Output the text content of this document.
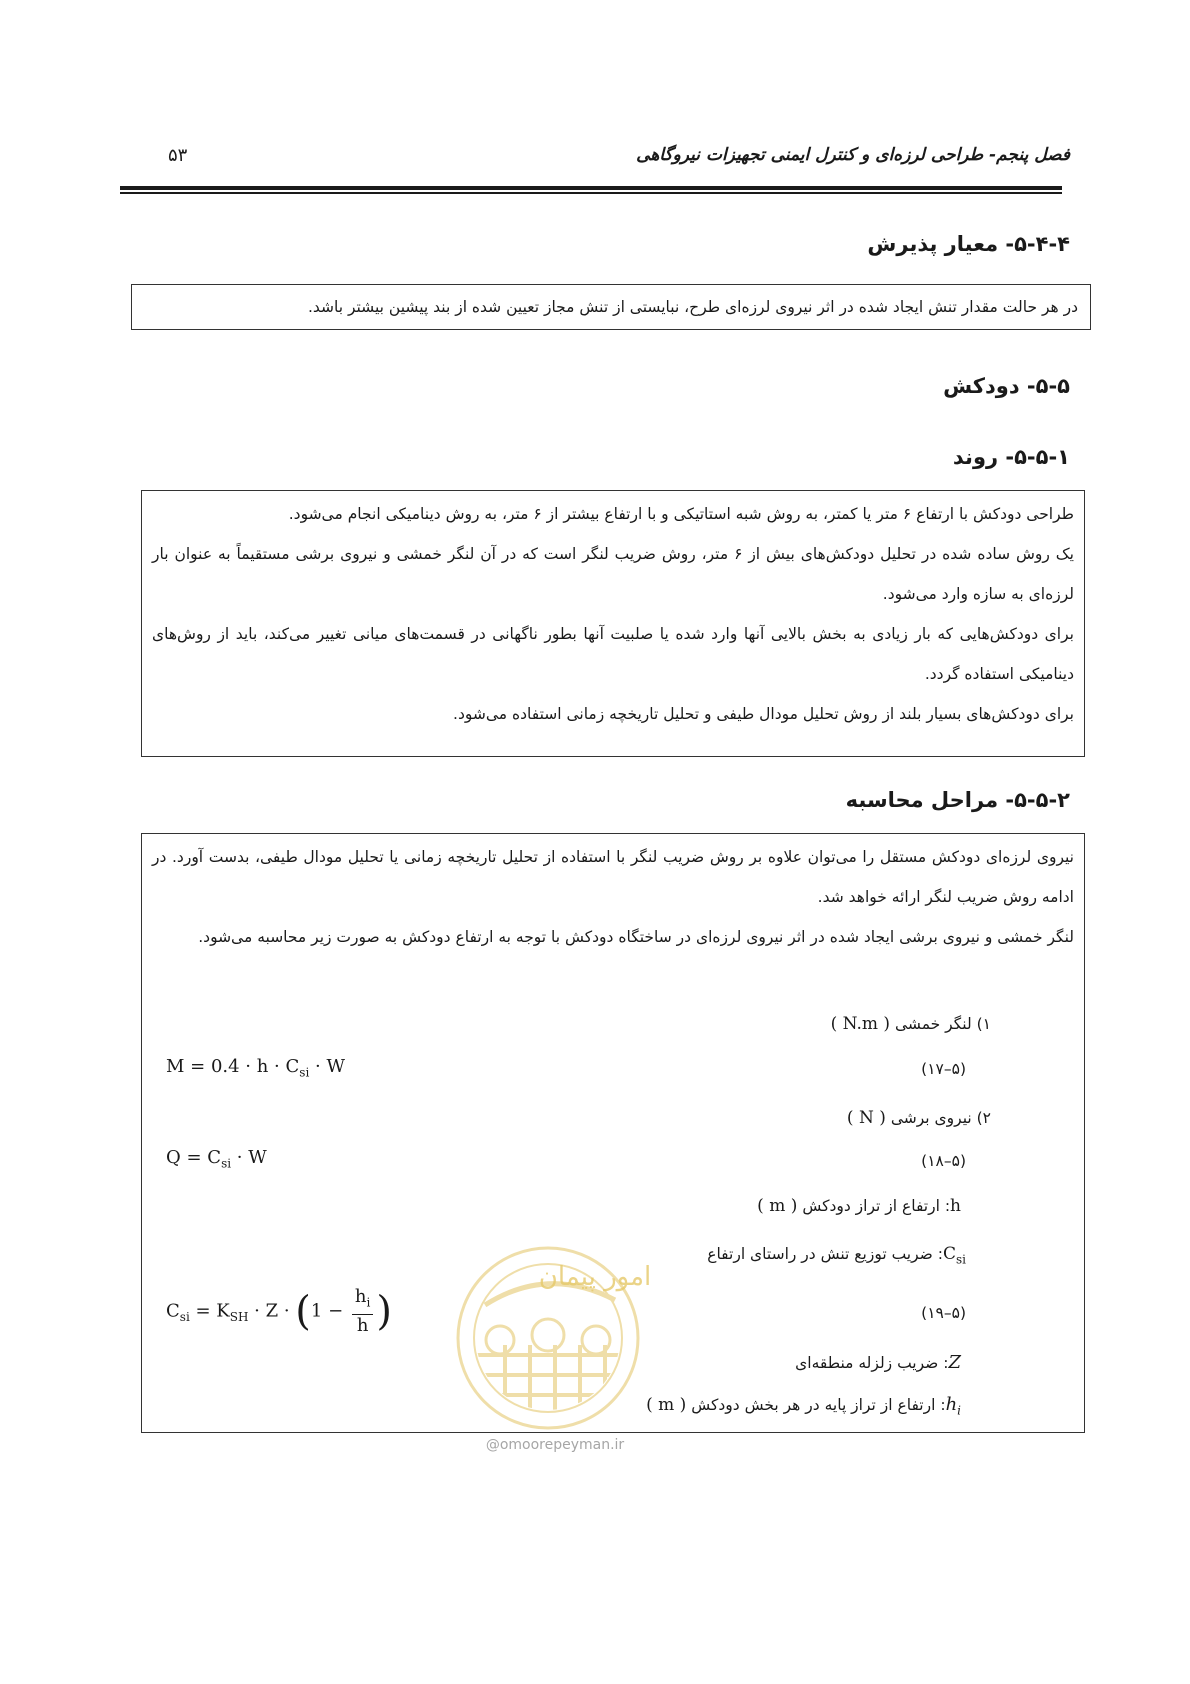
فصل پنجم- طراحی لرزه‌ای و کنترل ایمنی تجهیزات نیروگاهی
۵۳
۵-۴-۴- معیار پذیرش
در هر حالت مقدار تنش ایجاد شده در اثر نیروی لرزه‌ای طرح، نبایستی از تنش مجاز تعیین شده از بند پیشین بیشتر باشد.
۵-۵- دودکش
۵-۵-۱- روند
طراحی دودکش با ارتفاع ۶ متر یا کمتر، به روش شبه استاتیکی و با ارتفاع بیشتر از ۶ متر، به روش دینامیکی انجام می‌شود.
یک روش ساده شده در تحلیل دودکش‌های بیش از ۶ متر، روش ضریب لنگر است که در آن لنگر خمشی و نیروی برشی مستقیماً به عنوان بار لرزه‌ای به سازه وارد می‌شود.
برای دودکش‌هایی که بار زیادی به بخش بالایی آنها وارد شده یا صلبیت آنها بطور ناگهانی در قسمت‌های میانی تغییر می‌کند، باید از روش‌های دینامیکی استفاده گردد.
برای دودکش‌های بسیار بلند از روش تحلیل مودال طیفی و تحلیل تاریخچه زمانی استفاده می‌شود.
۵-۵-۲- مراحل محاسبه
نیروی لرزه‌ای دودکش مستقل را می‌توان علاوه بر روش ضریب لنگر با استفاده از تحلیل تاریخچه زمانی یا تحلیل مودال طیفی، بدست آورد. در ادامه روش ضریب لنگر ارائه خواهد شد.
لنگر خمشی و نیروی برشی ایجاد شده در اثر نیروی لرزه‌ای در ساختگاه دودکش با توجه به ارتفاع دودکش به صورت زیر محاسبه می‌شود.
۱) لنگر خمشی ( N.m )
$M = 0.4 \cdot h \cdot C_{si} \cdot W$	(۵–۱۷)
۲) نیروی برشی ( N )
$Q = C_{si} \cdot W$	(۵–۱۸)
h: ارتفاع از تراز دودکش ( m )
$C_{si}$: ضریب توزیع تنش در راستای ارتفاع
$C_{si} = K_{SH} \cdot Z \cdot (1 - \frac{h_i}{h}$ )	(۵–۱۹)
Z: ضریب زلزله منطقه‌ای
$h_i$: ارتفاع از تراز پایه در هر بخش دودکش ( m )
امور پیمان
@omoorepeyman.ir
